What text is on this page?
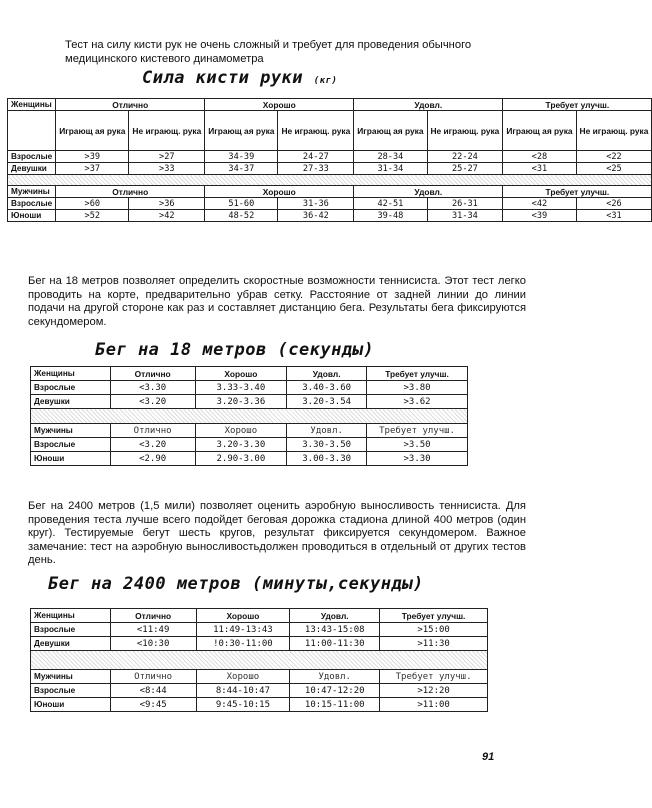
Тест на силу кисти рук не очень сложный и требует для проведения обычного медицинского кистевого динамометра
Сила кисти руки (кг)
Женщины	Отлично		Хорошо		Удовл.		Требует улучш.	
	Играющ ая рука	Не играющ. рука	Играющ ая рука	Не играющ. рука	Играющ ая рука	Не играющ. рука	Играющ ая рука	Не играющ. рука
Взрослые	>39	>27	34-39	24-27	28-34	22-24	<28	<22
Девушки	>37	>33	34-37	27-33	31-34	25-27	<31	<25

Мужчины	Отлично		Хорошо		Удовл.		Требует улучш.	
Взрослые	>60	>36	51-60	31-36	42-51	26-31	<42	<26
Юноши	>52	>42	48-52	36-42	39-48	31-34	<39	<31
Бег на 18 метров позволяет определить скоростные возможности теннисиста. Этот тест легко проводить на корте, предварительно убрав сетку. Расстояние от задней линии до линии подачи на другой стороне как раз и составляет дистанцию бега. Результаты бега фиксируются секундомером.
Бег на 18 метров (секунды)
Женщины	Отлично	Хорошо	Удовл.	Требует улучш.
Взрослые	<3.30	3.33-3.40	3.40-3.60	>3.80
Девушки	<3.20	3.20-3.36	3.20-3.54	>3.62

Мужчины	Отлично	Хорошо	Удовл.	Требует улучш.
Взрослые	<3.20	3.20-3.30	3.30-3.50	>3.50
Юноши	<2.90	2.90-3.00	3.00-3.30	>3.30
Бег на 2400 метров (1,5 мили) позволяет оценить аэробную выносливость теннисиста. Для проведения теста лучше всего подойдет беговая дорожка стадиона длиной 400 метров (один круг). Тестируемые бегут шесть кругов, результат фиксируется секундомером. Важное замечание: тест на аэробную выносливостьдолжен проводиться в отдельный от других тестов день.
Бег на 2400 метров (минуты,секунды)
Женщины	Отлично	Хорошо	Удовл.	Требует улучш.
Взрослые	<11:49	11:49-13:43	13:43-15:08	>15:00
Девушки	<10:30	!0:30-11:00	11:00-11:30	>11:30

Мужчины	Отлично	Хорошо	Удовл.	Требует улучш.
Взрослые	<8:44	8:44-10:47	10:47-12:20	>12:20
Юноши	<9:45	9:45-10:15	10:15-11:00	>11:00
91
